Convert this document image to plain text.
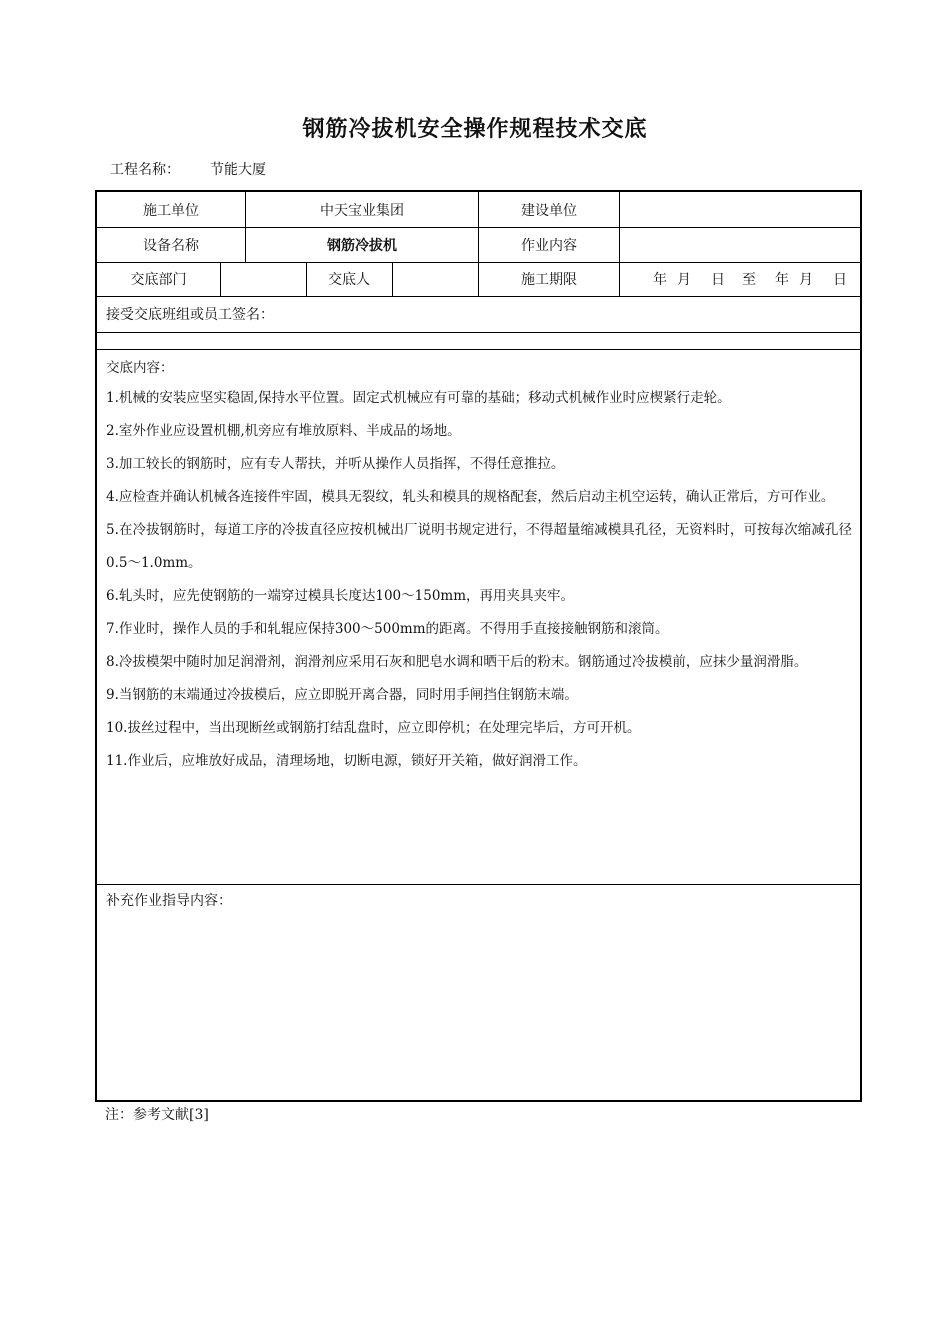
钢筋冷拔机安全操作规程技术交底
工程名称： 节能大厦
施工单位	中天宝业集团	建设单位
设备名称	钢筋冷拔机	作业内容
交底部门	交底人	施工期限	年 月 日 至 年 月 日
接受交底班组或员工签名：
交底内容：

1.机械的安装应坚实稳固,保持水平位置。固定式机械应有可靠的基础；移动式机械作业时应楔紧行走轮。

2.室外作业应设置机棚,机旁应有堆放原料、半成品的场地。

3.加工较长的钢筋时，应有专人帮扶，并听从操作人员指挥，不得任意推拉。

4.应检查并确认机械各连接件牢固，模具无裂纹，轧头和模具的规格配套，然后启动主机空运转，确认正常后，方可作业。

5.在冷拔钢筋时，每道工序的冷拔直径应按机械出厂说明书规定进行，不得超量缩减模具孔径，无资料时，可按每次缩减孔径0.5～1.0mm。

6.轧头时，应先使钢筋的一端穿过模具长度达100～150mm，再用夹具夹牢。

7.作业时，操作人员的手和轧辊应保持300～500mm的距离。不得用手直接接触钢筋和滚筒。

8.冷拔模架中随时加足润滑剂，润滑剂应采用石灰和肥皂水调和晒干后的粉末。钢筋通过冷拔模前，应抹少量润滑脂。

9.当钢筋的末端通过冷拔模后，应立即脱开离合器，同时用手闸挡住钢筋末端。

10.拔丝过程中，当出现断丝或钢筋打结乱盘时，应立即停机；在处理完毕后，方可开机。

11.作业后，应堆放好成品，清理场地，切断电源，锁好开关箱，做好润滑工作。

补充作业指导内容：
注：参考文献[3]
